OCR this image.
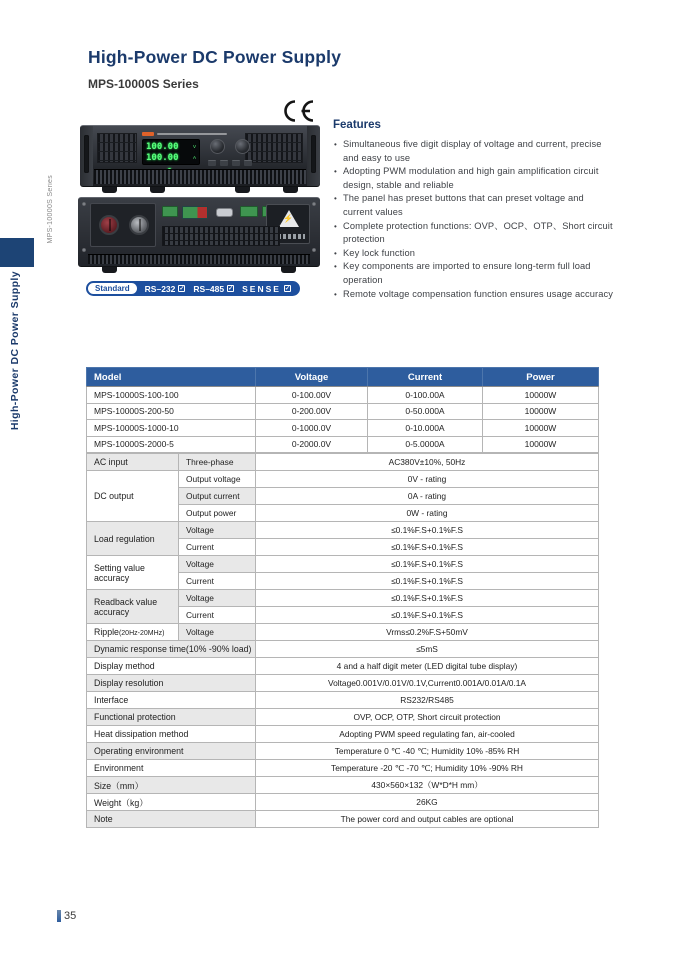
MPS-10000S Series
High-Power DC Power Supply
High-Power DC Power Supply
MPS-10000S Series
100.00	V
100.00	A
⚡
Standard	RS–232 ✓ RS–485 ✓ SENSE ✓
Features
• Simultaneous five digit display of voltage and current, precise and easy to use
• Adopting PWM modulation and high gain amplification circuit design, stable and reliable
• The panel has preset buttons that can preset voltage and current values
• Complete protection functions: OVP、OCP、OTP、Short circuit protection
• Key lock function
• Key components are imported to ensure long-term full load operation
• Remote voltage compensation function ensures usage accuracy
Model	Voltage	Current	Power
MPS-10000S-100-100	0-100.00V	0-100.00A	10000W
MPS-10000S-200-50	0-200.00V	0-50.000A	10000W
MPS-10000S-1000-10	0-1000.0V	0-10.000A	10000W
MPS-10000S-2000-5	0-2000.0V	0-5.0000A	10000W
AC input	Three-phase	AC380V±10%, 50Hz
DC output	Output voltage	0V - rating
	Output current	0A - rating
	Output power	0W - rating
Load regulation	Voltage	≤0.1%F.S+0.1%F.S
	Current	≤0.1%F.S+0.1%F.S
Setting value accuracy	Voltage	≤0.1%F.S+0.1%F.S
	Current	≤0.1%F.S+0.1%F.S
Readback value accuracy	Voltage	≤0.1%F.S+0.1%F.S
	Current	≤0.1%F.S+0.1%F.S
Ripple(20Hz-20MHz)	Voltage	Vrms≤0.2%F.S+50mV
Dynamic response time(10% -90% load)		≤5mS
Display method		4 and a half digit meter (LED digital tube display)
Display resolution		Voltage0.001V/0.01V/0.1V,Current0.001A/0.01A/0.1A
Interface		RS232/RS485
Functional protection		OVP, OCP, OTP, Short circuit protection
Heat dissipation method		Adopting PWM speed regulating fan, air-cooled
Operating environment		Temperature 0 ℃ -40 ℃; Humidity 10% -85% RH
Environment		Temperature -20 ℃ -70 ℃; Humidity 10% -90% RH
Size（mm）		430×560×132（W*D*H mm）
Weight（kg）		26KG
Note		The power cord and output cables are optional
35
